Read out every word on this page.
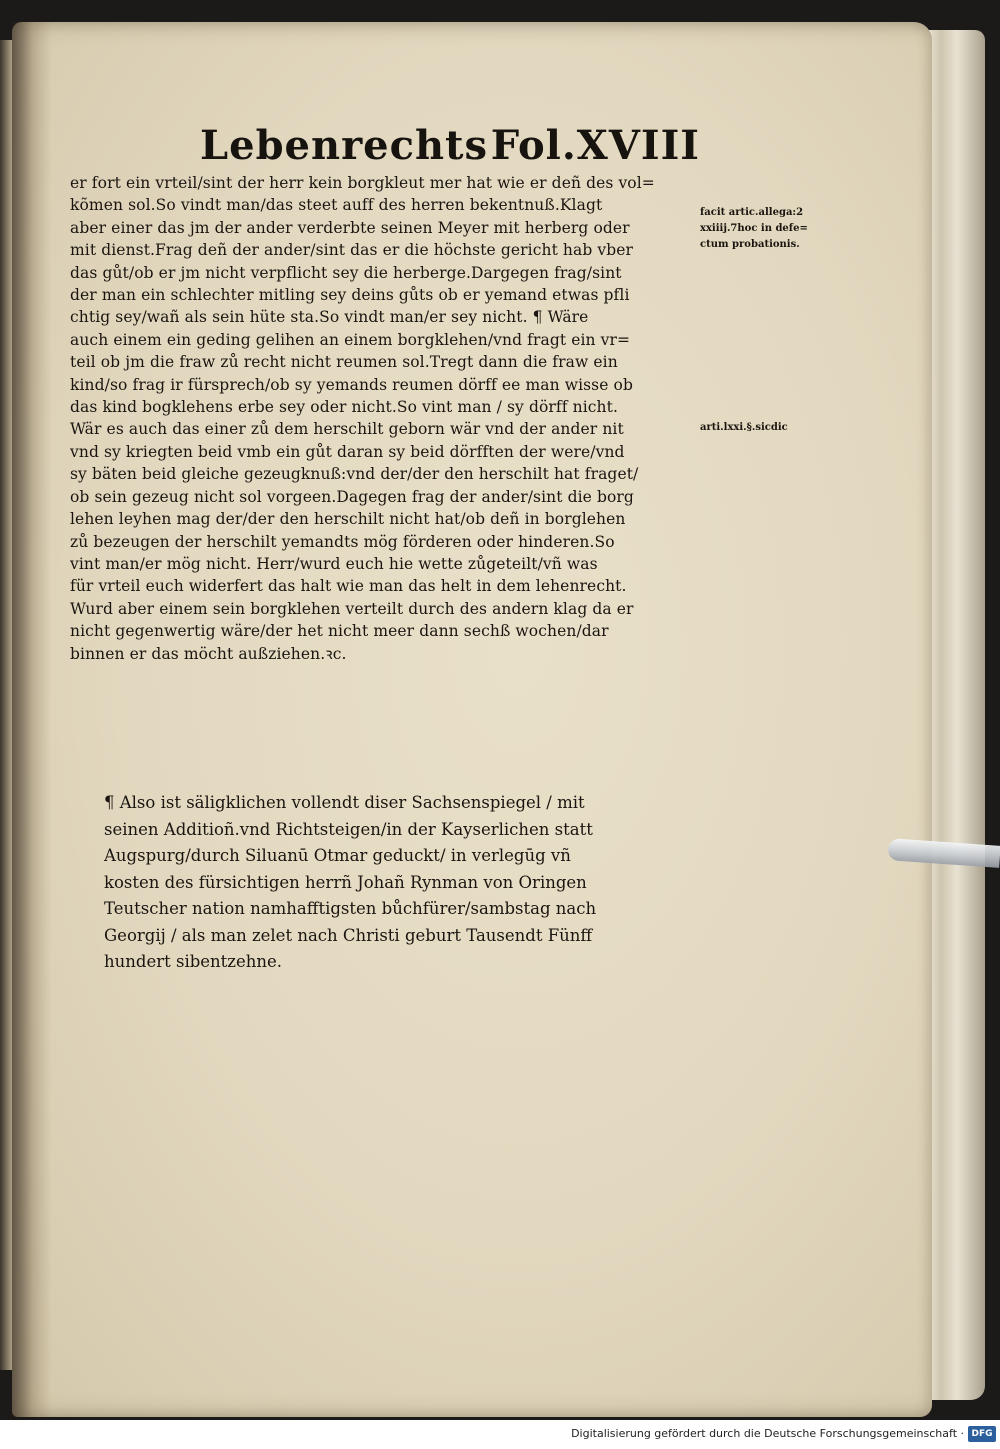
Lebenrechts Fol.XVIII
er fort ein vrteil/sint der herr kein borgkleut mer hat wie er deñ des vol=
kõmen sol.So vindt man/das steet auff des herren bekentnuß.Klagt
aber einer das jm der ander verderbte seinen Meyer mit herberg oder
mit dienst.Frag deñ der ander/sint das er die höchste gericht hab vber
das gůt/ob er jm nicht verpflicht sey die herberge.Dargegen frag/sint
der man ein schlechter mitling sey deins gůts ob er yemand etwas pfli
chtig sey/wañ als sein hüte sta.So vindt man/er sey nicht. ¶ Wäre
auch einem ein geding gelihen an einem borgklehen/vnd fragt ein vr=
teil ob jm die fraw zů recht nicht reumen sol.Tregt dann die fraw ein
kind/so frag ir fürsprech/ob sy yemands reumen dörff ee man wisse ob
das kind bogklehens erbe sey oder nicht.So vint man / sy dörff nicht.
Wär es auch das einer zů dem herschilt geborn wär vnd der ander nit
vnd sy kriegten beid vmb ein gůt daran sy beid dörfften der were/vnd
sy bäten beid gleiche gezeugknuß:vnd der/der den herschilt hat fraget/
ob sein gezeug nicht sol vorgeen.Dagegen frag der ander/sint die borg
lehen leyhen mag der/der den herschilt nicht hat/ob deñ in borglehen
zů bezeugen der herschilt yemandts mög förderen oder hinderen.So
vint man/er mög nicht. Herr/wurd euch hie wette zůgeteilt/vñ was
für vrteil euch widerfert das halt wie man das helt in dem lehenrecht.
Wurd aber einem sein borgklehen verteilt durch des andern klag da er
nicht gegenwertig wäre/der het nicht meer dann sechß wochen/dar
binnen er das möcht außziehen.ꝛc.
facit artic.allega:2
xxiiij.7hoc in defe=
ctum probationis.
arti.lxxi.§.sicdic
¶ Also ist säligklichen vollendt diser Sachsenspiegel / mit
seinen Additioñ.vnd Richtsteigen/in der Kayserlichen statt
Augspurg/durch Siluanū Otmar geduckt/ in verlegūg vñ
kosten des fürsichtigen herrñ Johañ Rynman von Oringen
Teutscher nation namhafftigsten bůchfürer/sambstag nach
Georgij / als man zelet nach Christi geburt Tausendt Fünff
hundert sibentzehne.
Digitalisierung gefördert durch die Deutsche Forschungsgemeinschaft · DFG
